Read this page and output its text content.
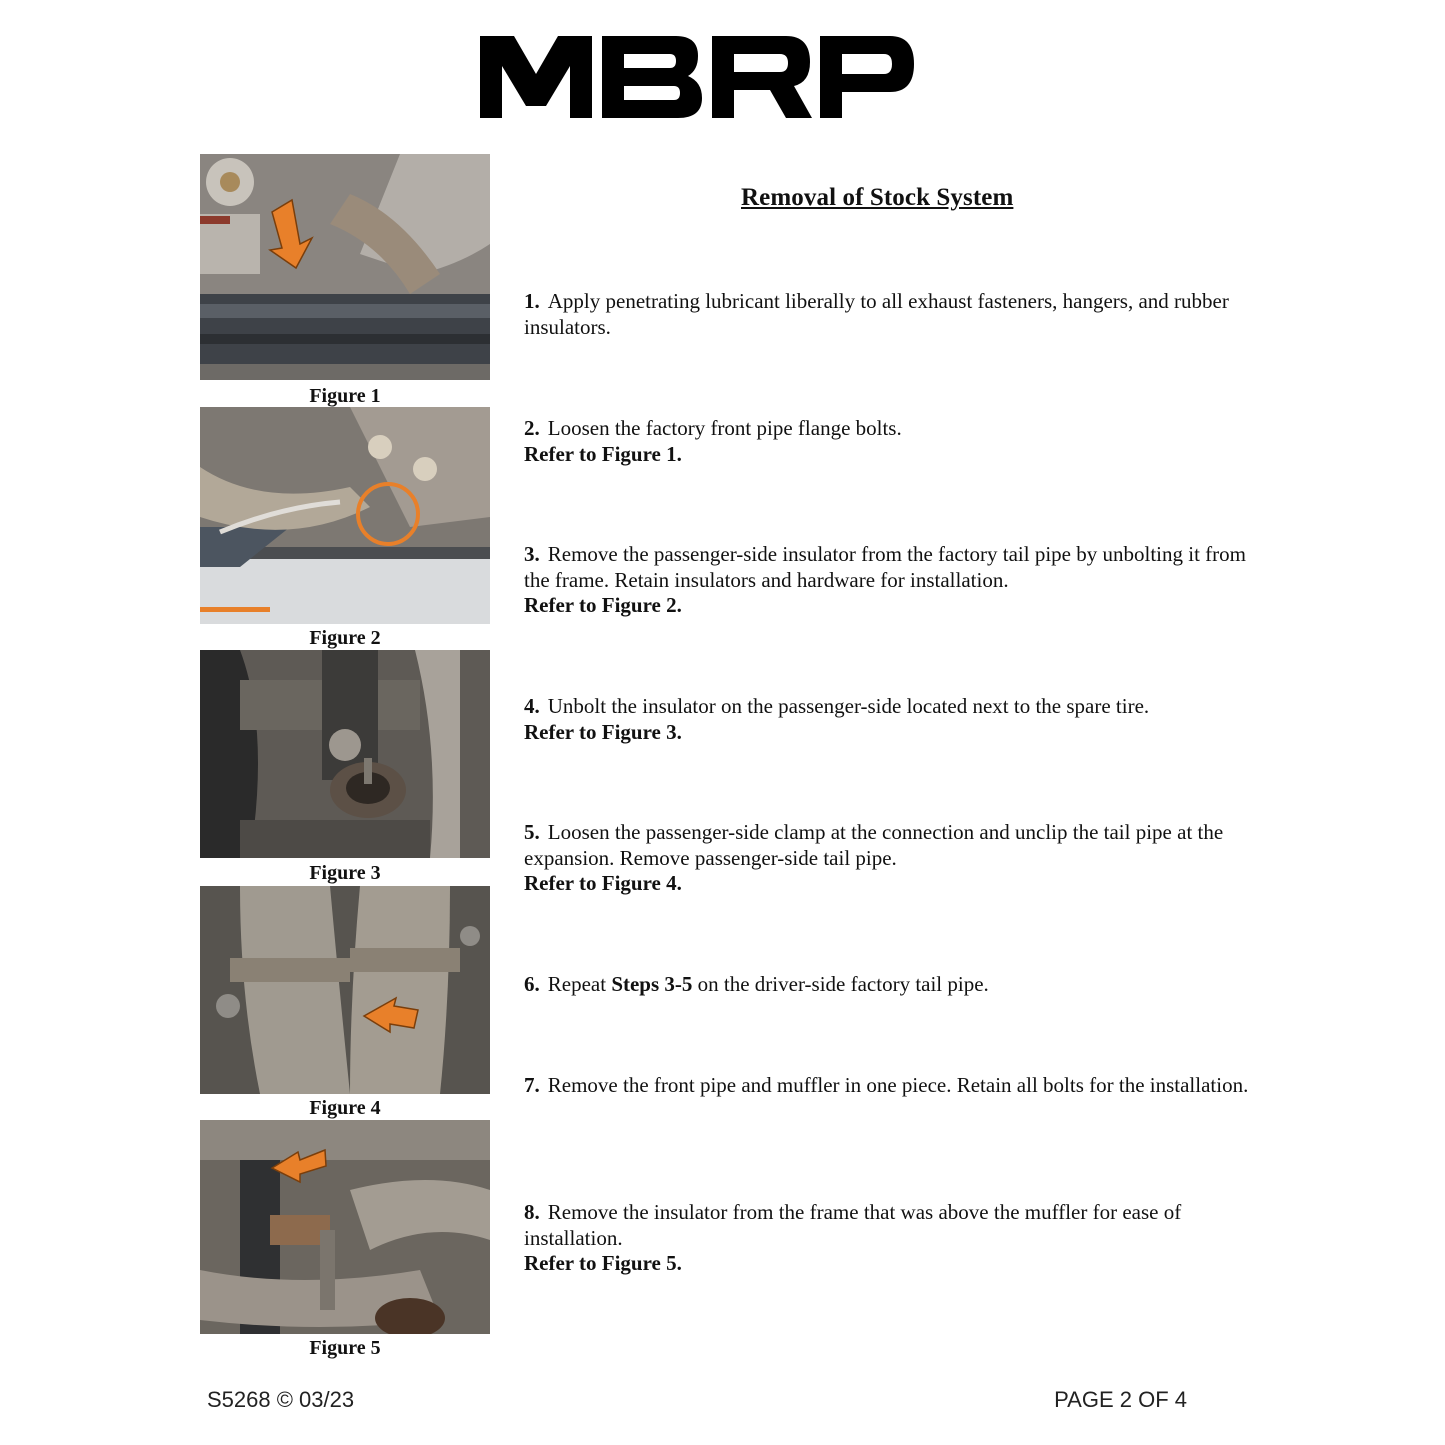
Figure 1
Figure 2
Figure 3
Figure 4
Figure 5
Removal of Stock System
1. Apply penetrating lubricant liberally to all exhaust fasteners, hangers, and rubber insulators.
2. Loosen the factory front pipe flange bolts.
Refer to Figure 1.
3. Remove the passenger-side insulator from the factory tail pipe by unbolting it from the frame. Retain insulators and hardware for installation.
Refer to Figure 2.
4. Unbolt the insulator on the passenger-side located next to the spare tire.
Refer to Figure 3.
5. Loosen the passenger-side clamp at the connection and unclip the tail pipe at the expansion. Remove passenger-side tail pipe.
Refer to Figure 4.
6. Repeat Steps 3-5 on the driver-side factory tail pipe.
7. Remove the front pipe and muffler in one piece. Retain all bolts for the installation.
8. Remove the insulator from the frame that was above the muffler for ease of installation.
Refer to Figure 5.
S5268 © 03/23	PAGE 2 OF 4
